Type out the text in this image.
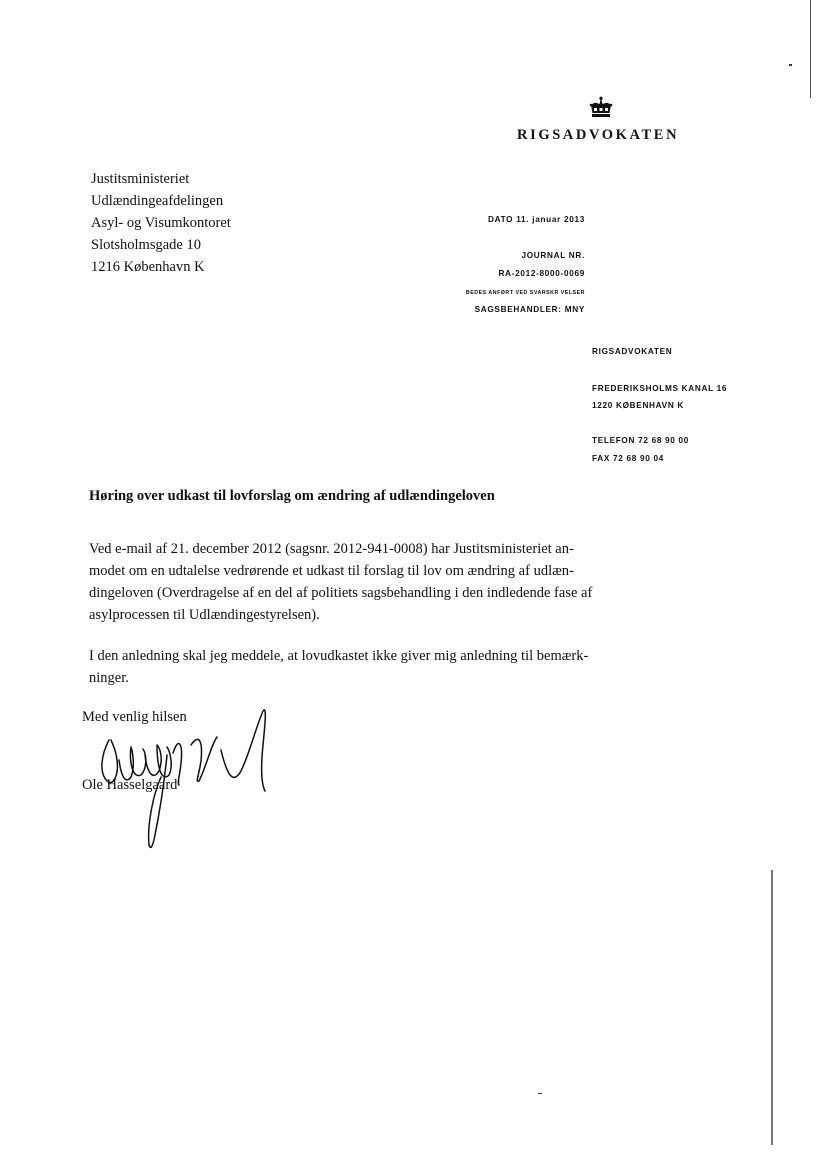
RIGSADVOKATEN
Justitsministeriet
Udlændingeafdelingen
Asyl- og Visumkontoret
Slotsholmsgade 10
1216 København K
DATO 11. januar 2013
JOURNAL NR.
RA-2012-8000-0069
BEDES ANFØRT VED SVARSKR VELSER
SAGSBEHANDLER: MNY
RIGSADVOKATEN
FREDERIKSHOLMS KANAL 16
1220 KØBENHAVN K
TELEFON 72 68 90 00
FAX 72 68 90 04
Høring over udkast til lovforslag om ændring af udlændingeloven
Ved e-mail af 21. december 2012 (sagsnr. 2012-941-0008) har Justitsministeriet an-
modet om en udtalelse vedrørende et udkast til forslag til lov om ændring af udlæn-
dingeloven (Overdragelse af en del af politiets sagsbehandling i den indledende fase af
asylprocessen til Udlændingestyrelsen).
I den anledning skal jeg meddele, at lovudkastet ikke giver mig anledning til bemærk-
ninger.
Med venlig hilsen
Ole Hasselgaard
